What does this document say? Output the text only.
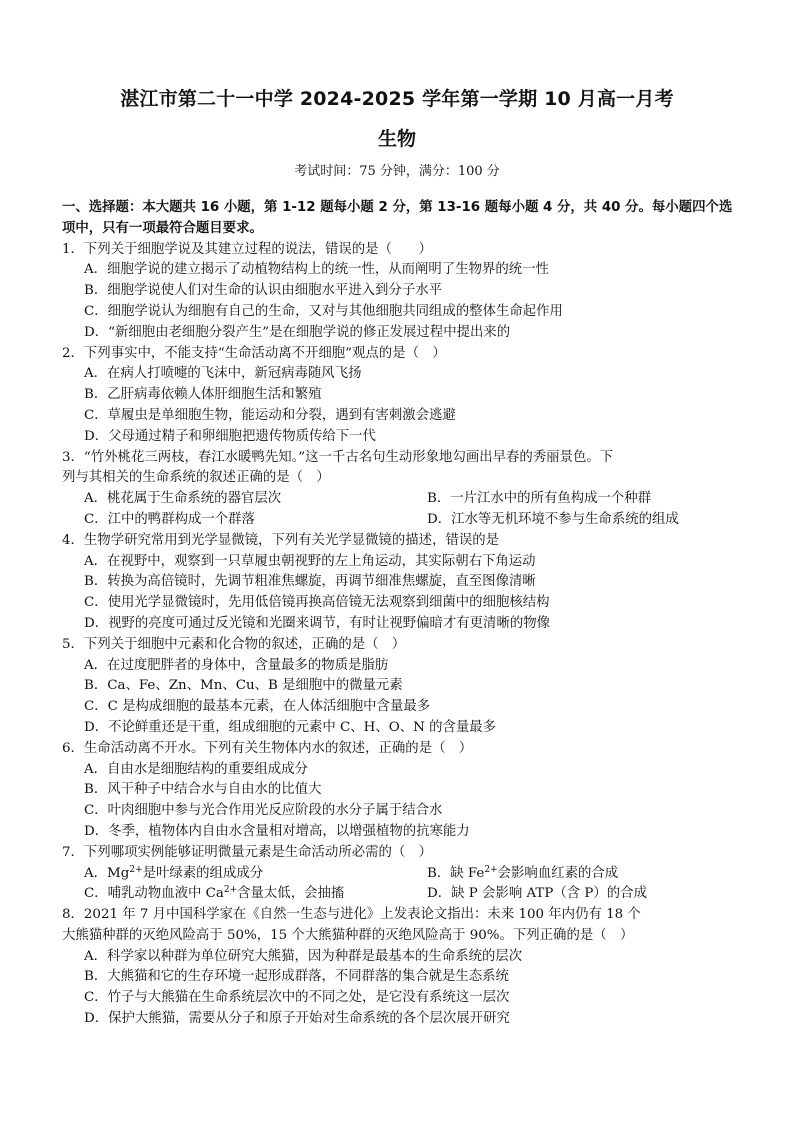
湛江市第二十一中学 2024-2025 学年第一学期 10 月高一月考
生物
考试时间：75 分钟，满分：100 分
一、选择题：本大题共 16 小题，第 1-12 题每小题 2 分，第 13-16 题每小题 4 分，共 40 分。每小题四个选项中，只有一项最符合题目要求。
1．下列关于细胞学说及其建立过程的说法，错误的是（　　）
A．细胞学说的建立揭示了动植物结构上的统一性，从而阐明了生物界的统一性
B．细胞学说使人们对生命的认识由细胞水平进入到分子水平
C．细胞学说认为细胞有自己的生命，又对与其他细胞共同组成的整体生命起作用
D．“新细胞由老细胞分裂产生”是在细胞学说的修正发展过程中提出来的
2．下列事实中，不能支持“生命活动离不开细胞”观点的是（　）
A．在病人打喷嚏的飞沫中，新冠病毒随风飞扬
B．乙肝病毒依赖人体肝细胞生活和繁殖
C．草履虫是单细胞生物，能运动和分裂，遇到有害刺激会逃避
D．父母通过精子和卵细胞把遗传物质传给下一代
3．“竹外桃花三两枝，春江水暖鸭先知。”这一千古名句生动形象地勾画出早春的秀丽景色。下
列与其相关的生命系统的叙述正确的是（　）
A．桃花属于生命系统的器官层次	B．一片江水中的所有鱼构成一个种群
C．江中的鸭群构成一个群落	D．江水等无机环境不参与生命系统的组成
4．生物学研究常用到光学显微镜，下列有关光学显微镜的描述，错误的是
A．在视野中，观察到一只草履虫朝视野的左上角运动，其实际朝右下角运动
B．转换为高倍镜时，先调节粗准焦螺旋，再调节细准焦螺旋，直至图像清晰
C．使用光学显微镜时，先用低倍镜再换高倍镜无法观察到细菌中的细胞核结构
D．视野的亮度可通过反光镜和光圈来调节，有时让视野偏暗才有更清晰的物像
5．下列关于细胞中元素和化合物的叙述，正确的是（　）
A．在过度肥胖者的身体中，含量最多的物质是脂肪
B．Ca、Fe、Zn、Mn、Cu、B 是细胞中的微量元素
C．C 是构成细胞的最基本元素，在人体活细胞中含量最多
D．不论鲜重还是干重，组成细胞的元素中 C、H、O、N 的含量最多
6．生命活动离不开水。下列有关生物体内水的叙述，正确的是（　）
A．自由水是细胞结构的重要组成成分
B．风干种子中结合水与自由水的比值大
C．叶肉细胞中参与光合作用光反应阶段的水分子属于结合水
D．冬季，植物体内自由水含量相对增高，以增强植物的抗寒能力
7．下列哪项实例能够证明微量元素是生命活动所必需的（　）
A．$Mg^{2+}$是叶绿素的组成成分	B．缺 $Fe^{2+}$会影响血红素的合成
C．哺乳动物血液中 $Ca^{2+}$含量太低，会抽搐	D．缺 P 会影响 ATP（含 P）的合成
8．2021 年 7 月中国科学家在《自然一生态与进化》上发表论文指出：未来 100 年内仍有 18 个
大熊猫种群的灭绝风险高于 50%，15 个大熊猫种群的灭绝风险高于 90%。下列正确的是（　）
A．科学家以种群为单位研究大熊猫，因为种群是最基本的生命系统的层次
B．大熊猫和它的生存环境一起形成群落，不同群落的集合就是生态系统
C．竹子与大熊猫在生命系统层次中的不同之处，是它没有系统这一层次
D．保护大熊猫，需要从分子和原子开始对生命系统的各个层次展开研究
